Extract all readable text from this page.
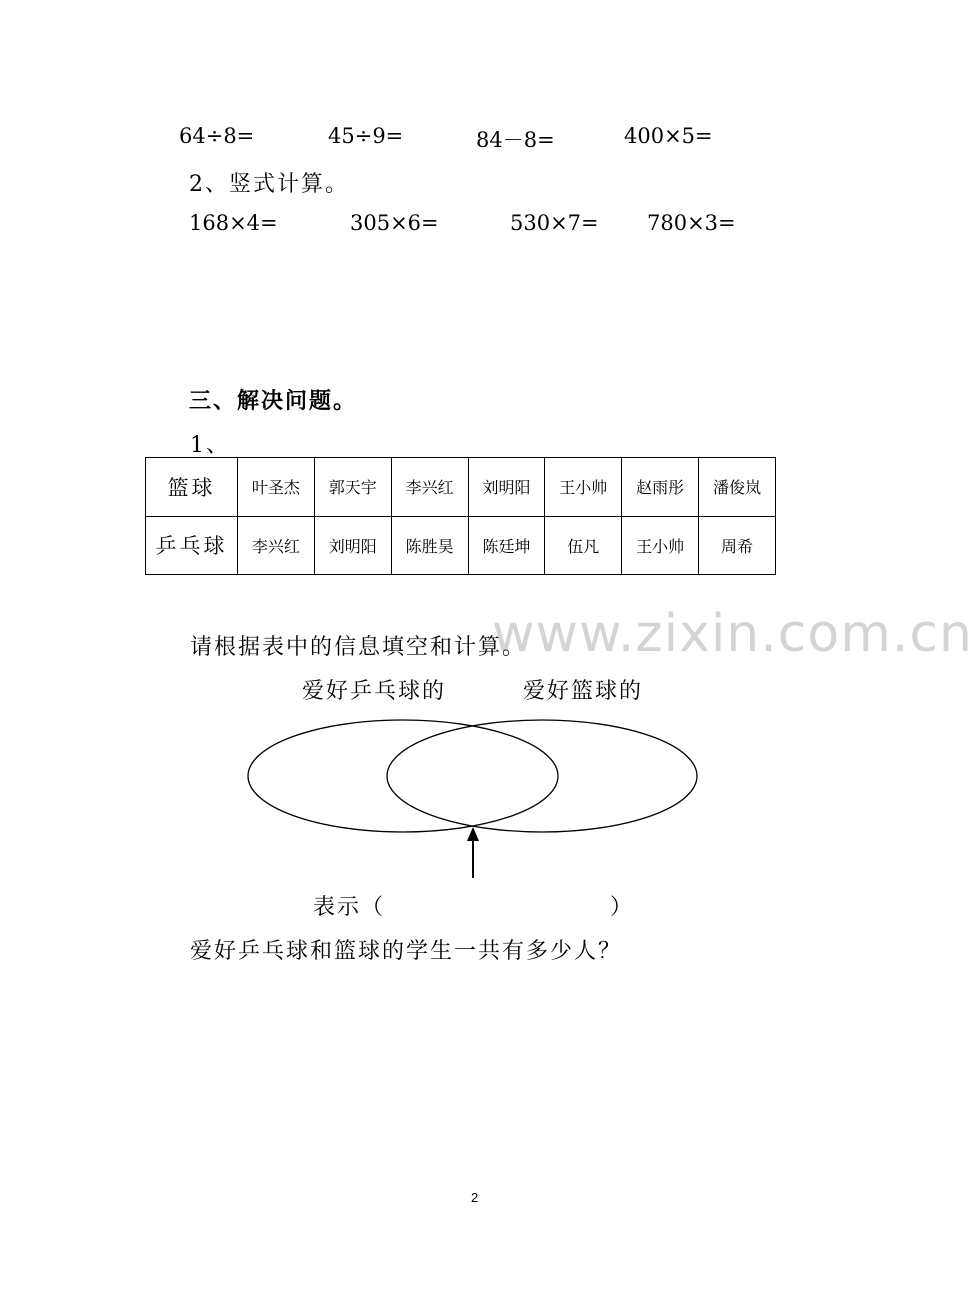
64÷8=	45÷9=	84－8=	400×5=
2、竖式计算。
168×4=	305×6=	530×7= 780×3=
三、解决问题。
1、
篮球	叶圣杰	郭天宇	李兴红	刘明阳	王小帅	赵雨彤	潘俊岚
乒乓球	李兴红	刘明阳	陈胜昊	陈廷坤	伍凡	王小帅	周希
www.zixin.com.cn
请根据表中的信息填空和计算。
爱好乒乓球的	爱好篮球的
表示（	）
爱好乒乓球和篮球的学生一共有多少人？
2
